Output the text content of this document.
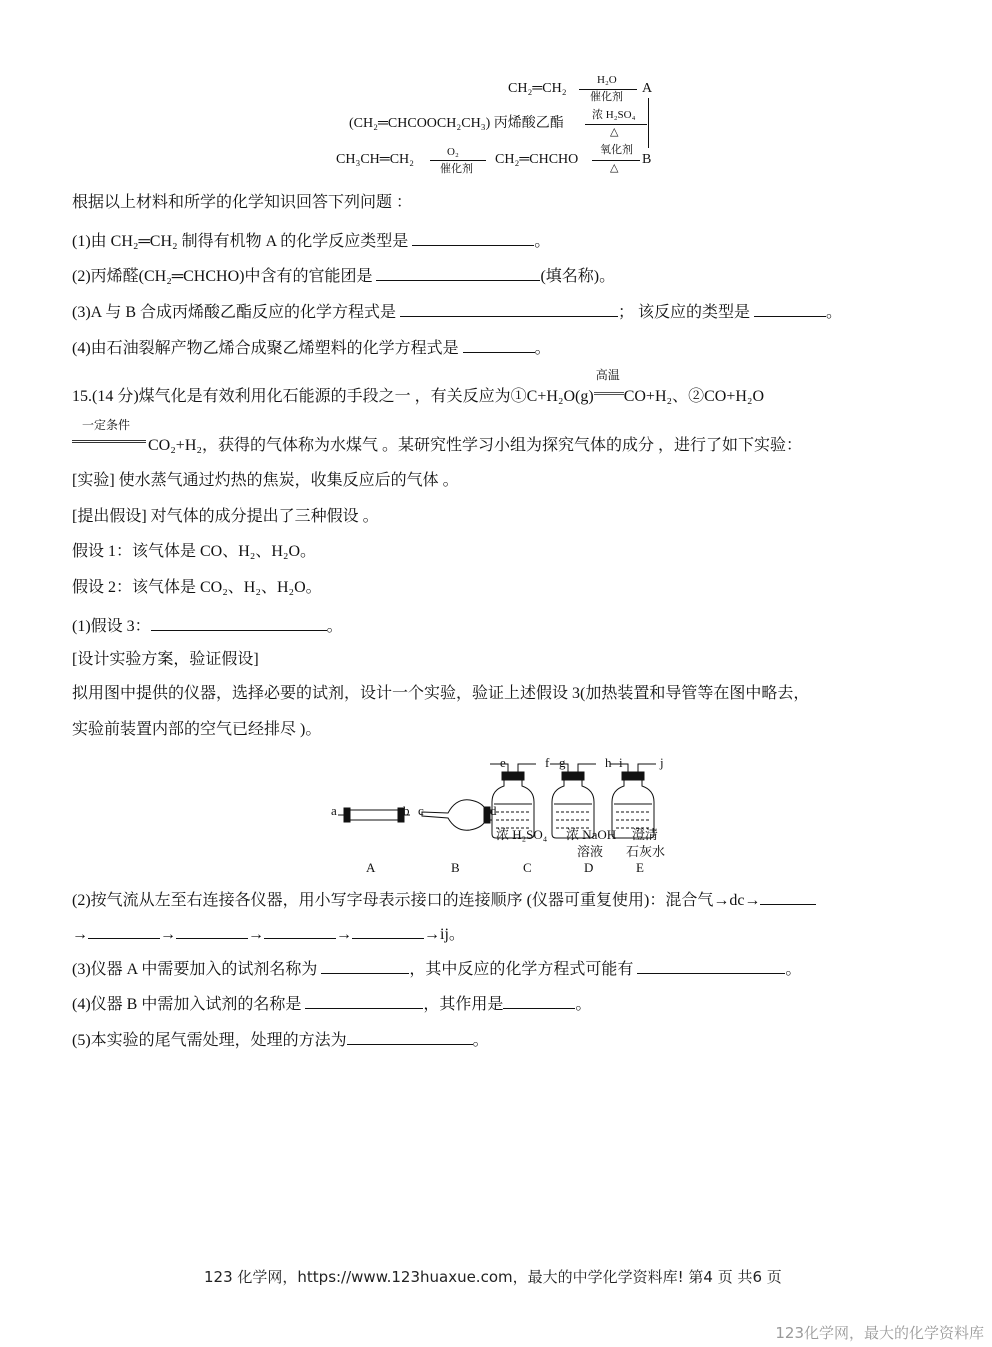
CH₂═CH₂
H₂O
催化剂
A
(CH₂═CHCOOCH₂CH₃) 丙烯酸乙酯
浓 H₂SO₄
△
CH₃CH═CH₂	O₂
催化剂
CH₂═CHCHO
氧化剂
△
B
根据以上材料和所学的化学知识回答下列问题 ：
(1)由 CH₂═CH₂ 制得有机物 A 的化学反应类型是	。
(2)丙烯醛(CH₂═CHCHO)中含有的官能团是	(填名称)。
(3)A 与 B 合成丙烯酸乙酯反应的化学方程式是	； 该反应的类型是	。
(4)由石油裂解产物乙烯合成聚乙烯塑料的化学方程式是	。
15.(14 分)煤气化是有效利用化石能源的手段之一 ，有关反应为①C+H₂O(g)
高温
CO+H₂、②CO+H₂O
一定条件
CO₂+H₂，获得的气体称为水煤气 。某研究性学习小组为探究气体的成分 ，进行了如下实验：
[实验] 使水蒸气通过灼热的焦炭，收集反应后的气体 。
[提出假设] 对气体的成分提出了三种假设 。
假设 1：该气体是 CO、H₂、H₂O。
假设 2：该气体是 CO₂、H₂、H₂O。
(1)假设 3：	。
[设计实验方案，验证假设]
拟用图中提供的仪器，选择必要的试剂，设计一个实验，验证上述假设 3(加热装置和导管等在图中略去，
实验前装置内部的空气已经排尽 )。
a	b c	d
e	f g	h i	j
浓 H₂SO₄ 浓 NaOH
溶液
澄清
石灰水
A	B	C	D	E
(2)按气流从左至右连接各仪器，用小写字母表示接口的连接顺序 (仪器可重复使用)：混合气→dc→
→	→	→	→	→ij。
(3)仪器 A 中需要加入的试剂名称为	，其中反应的化学方程式可能有	。
(4)仪器 B 中需加入试剂的名称是	，其作用是	。
(5)本实验的尾气需处理，处理的方法为	。
123 化学网，https://www.123huaxue.com，最大的中学化学资料库! 第4 页 共6 页
123化学网，最大的化学资料库
